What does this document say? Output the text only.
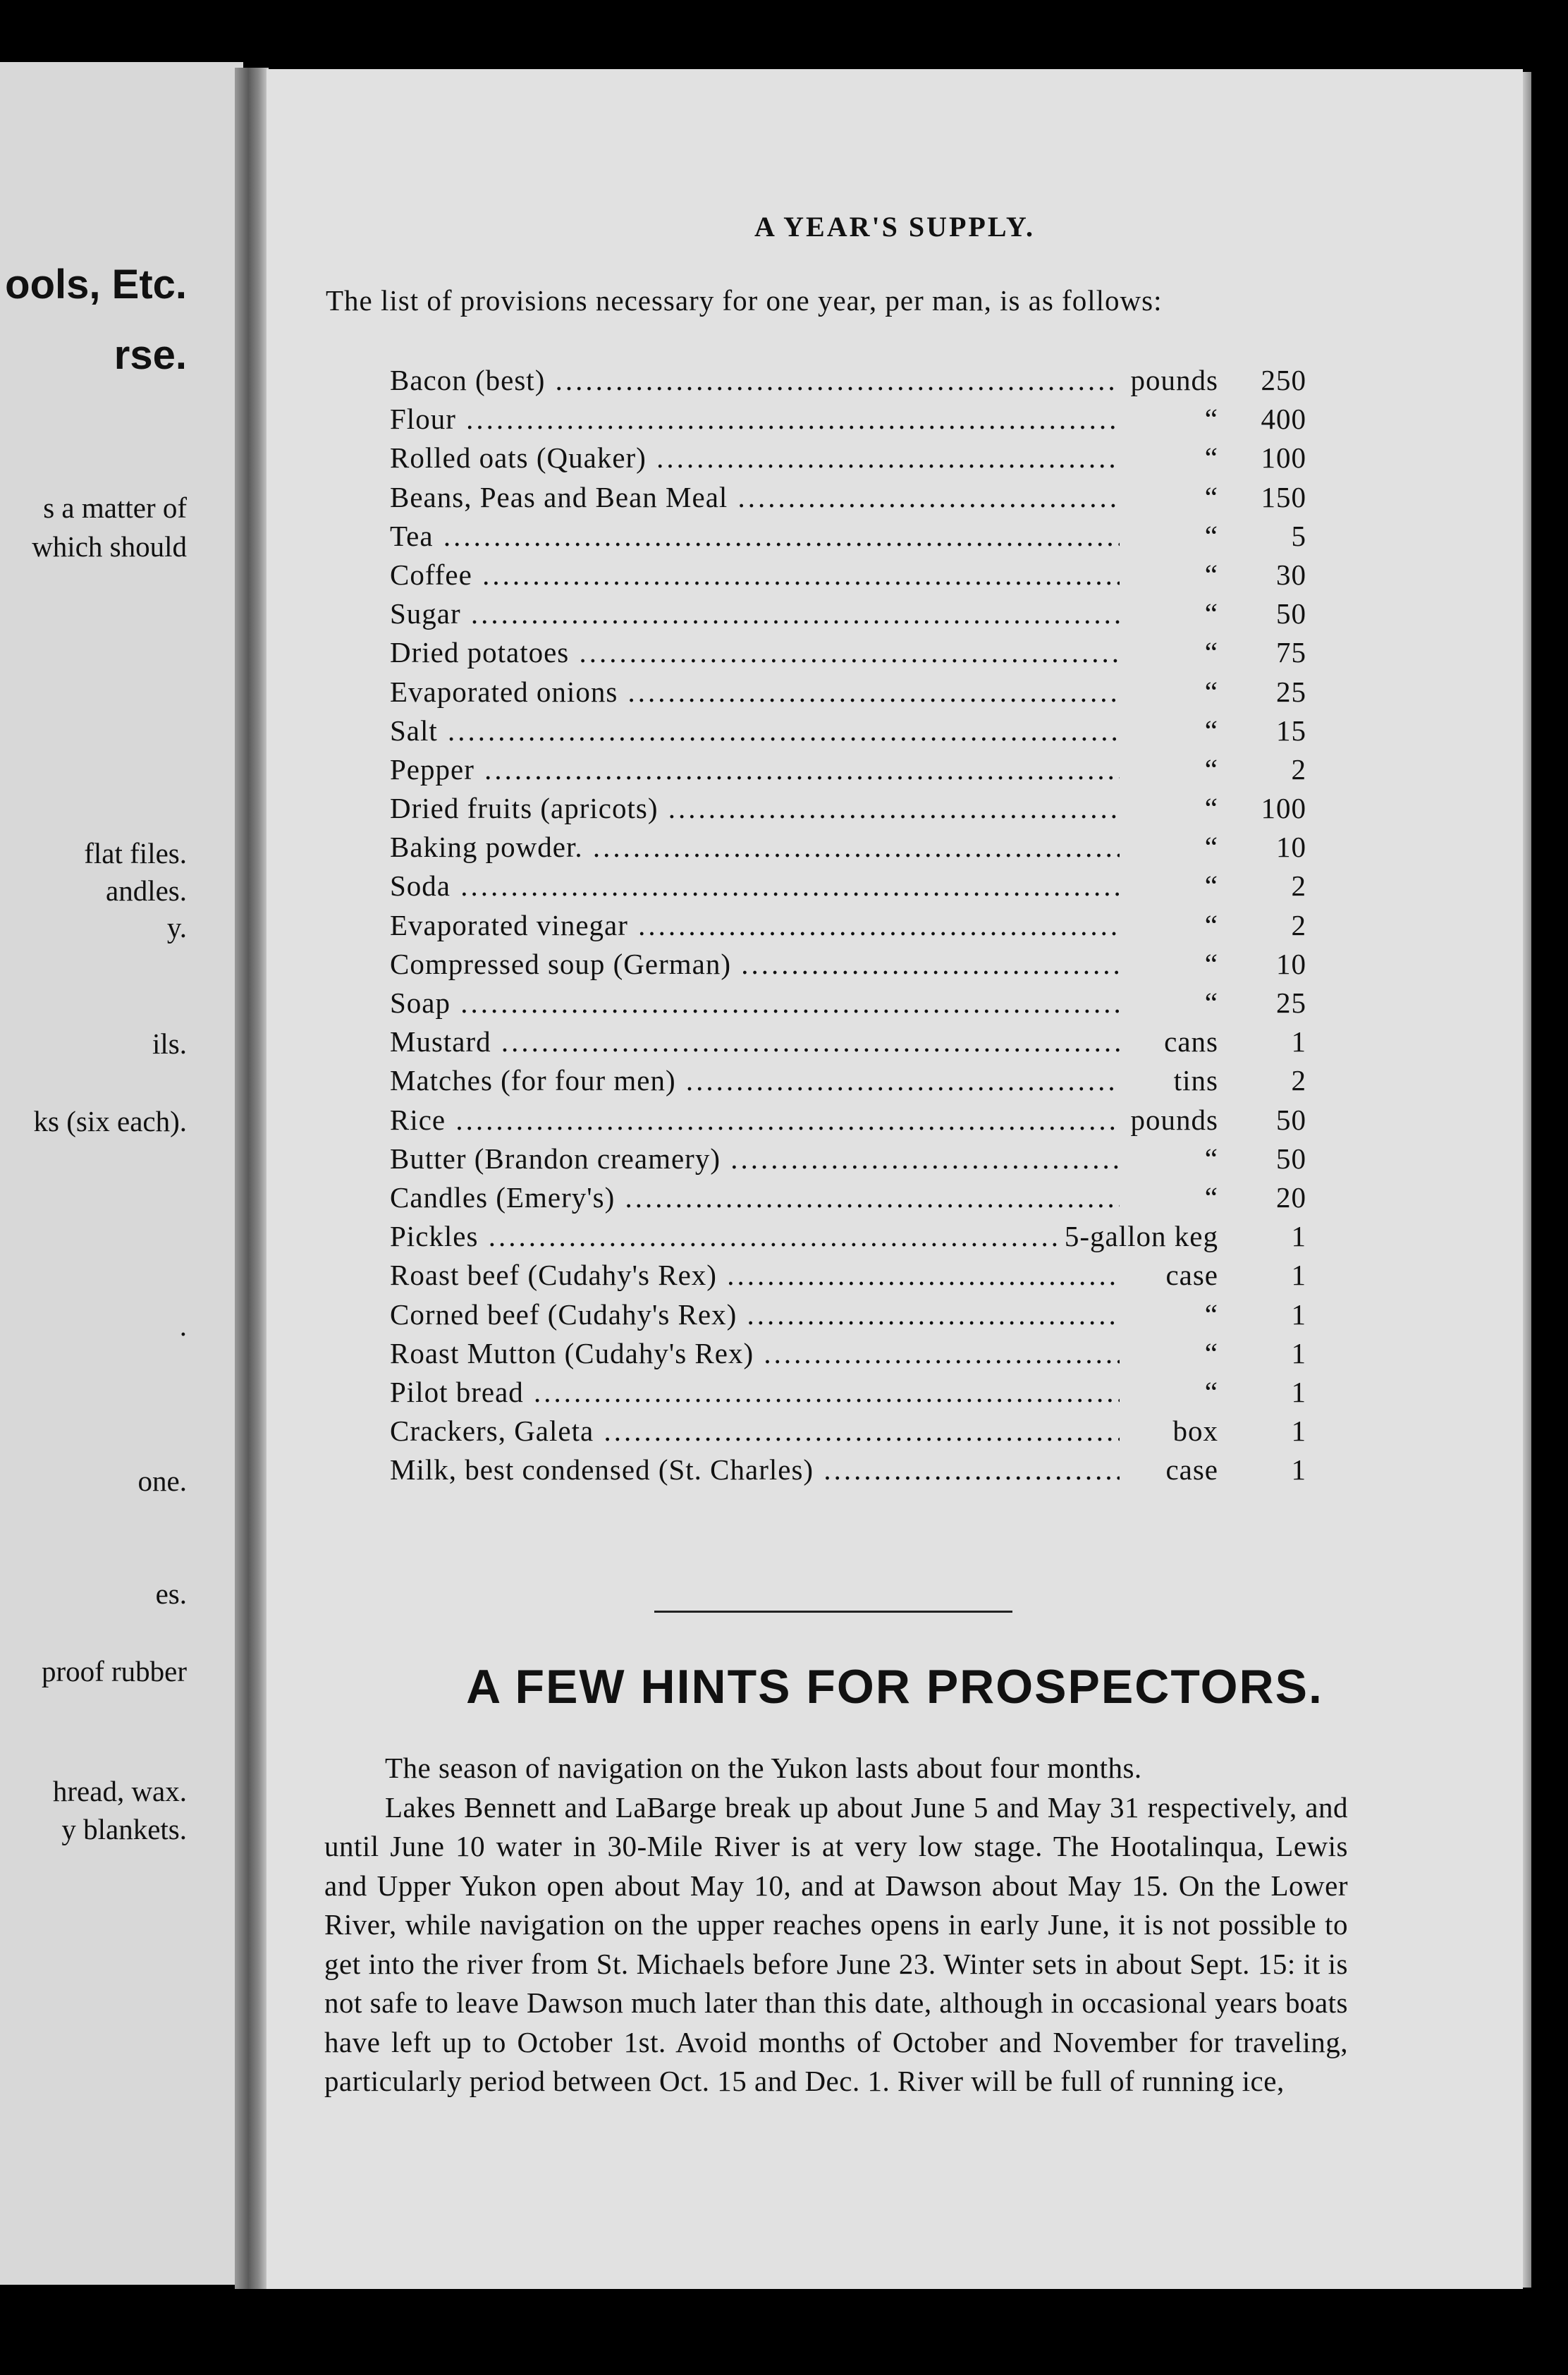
ools, Etc.
rse.
s a matter of
which should
flat files.
andles.
y.
ils.
ks (six each).
.
one.
es.
proof rubber
hread, wax.
y blankets.
A YEAR'S SUPPLY.
The list of provisions necessary for one year, per man, is as follows:
Bacon (best) .....	pounds	250
Flour .....	“	400
Rolled oats (Quaker) .....	“	100
Beans, Peas and Bean Meal .....	“	150
Tea .....	“	5
Coffee .....	“	30
Sugar .....	“	50
Dried potatoes .....	“	75
Evaporated onions .....	“	25
Salt .....	“	15
Pepper .....	“	2
Dried fruits (apricots) .....	“	100
Baking powder. .....	“	10
Soda .....	“	2
Evaporated vinegar .....	“	2
Compressed soup (German) .....	“	10
Soap .....	“	25
Mustard .....	cans	1
Matches (for four men) .....	tins	2
Rice .....	pounds	50
Butter (Brandon creamery) .....	“	50
Candles (Emery's) .....	“	20
Pickles .....	5-gallon keg	1
Roast beef (Cudahy's Rex) .....	case	1
Corned beef (Cudahy's Rex) .....	“	1
Roast Mutton (Cudahy's Rex) .....	“	1
Pilot bread .....	“	1
Crackers, Galeta .....	box	1
Milk, best condensed (St. Charles) .....	case	1
A FEW HINTS FOR PROSPECTORS.
The season of navigation on the Yukon lasts about four months.
Lakes Bennett and LaBarge break up about June 5 and May 31 respectively, and until June 10 water in 30-Mile River is at very low stage. The Hootalinqua, Lewis and Upper Yukon open about May 10, and at Dawson about May 15. On the Lower River, while navigation on the upper reaches opens in early June, it is not possible to get into the river from St. Michaels before June 23. Winter sets in about Sept. 15: it is not safe to leave Dawson much later than this date, although in occasional years boats have left up to October 1st. Avoid months of October and November for traveling, particularly period between Oct. 15 and Dec. 1. River will be full of running ice,
